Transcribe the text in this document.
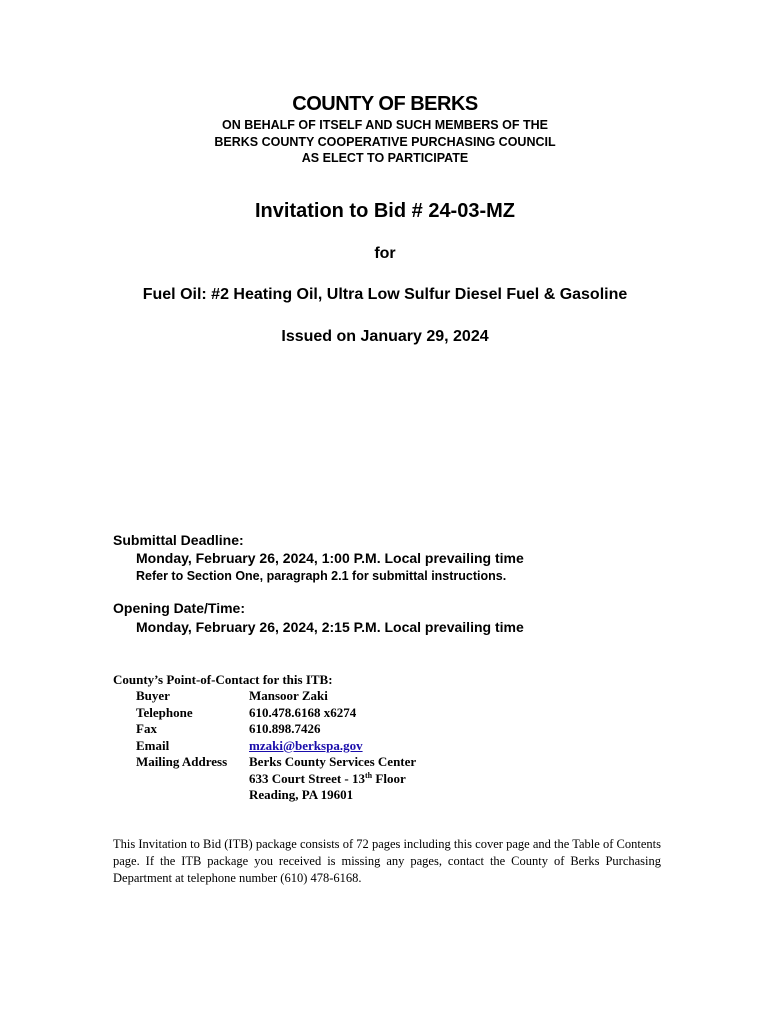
COUNTY OF BERKS
ON BEHALF OF ITSELF AND SUCH MEMBERS OF THE
BERKS COUNTY COOPERATIVE PURCHASING COUNCIL
AS ELECT TO PARTICIPATE
Invitation to Bid # 24-03-MZ
for
Fuel Oil: #2 Heating Oil, Ultra Low Sulfur Diesel Fuel & Gasoline
Issued on January 29, 2024
Submittal Deadline:
Monday, February 26, 2024, 1:00 P.M. Local prevailing time
Refer to Section One, paragraph 2.1 for submittal instructions.
Opening Date/Time:
Monday, February 26, 2024, 2:15 P.M. Local prevailing time
County’s Point-of-Contact for this ITB:
Buyer	Mansoor Zaki
Telephone	610.478.6168 x6274
Fax	610.898.7426
Email	mzaki@berkspa.gov
Mailing Address	Berks County Services Center
633 Court Street - 13th Floor
Reading, PA 19601
This Invitation to Bid (ITB) package consists of 72 pages including this cover page and the Table of Contents page. If the ITB package you received is missing any pages, contact the County of Berks Purchasing Department at telephone number (610) 478-6168.
